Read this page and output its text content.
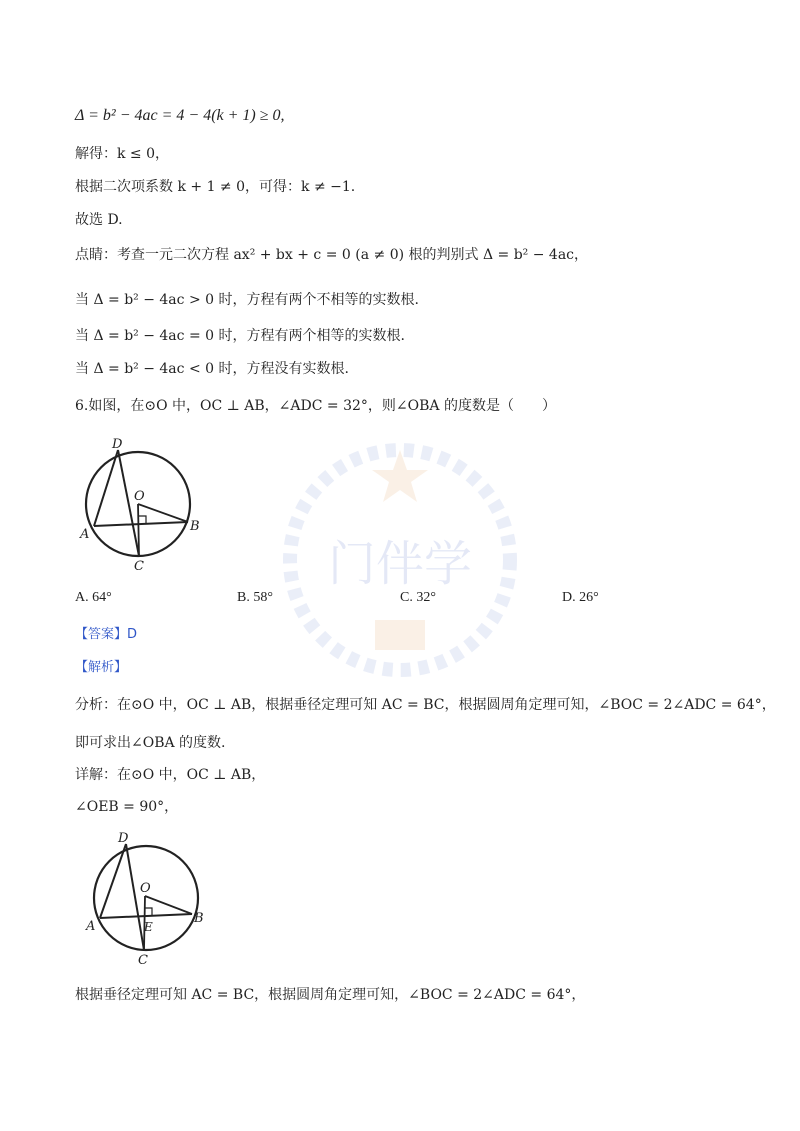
门伴学
Δ = b² − 4ac = 4 − 4(k + 1) ≥ 0,
解得：k ≤ 0，
根据二次项系数 k + 1 ≠ 0，可得：k ≠ −1.
故选 D.
点睛：考查一元二次方程 ax² + bx + c = 0 (a ≠ 0) 根的判别式 Δ = b² − 4ac，
当 Δ = b² − 4ac > 0 时，方程有两个不相等的实数根.
当 Δ = b² − 4ac = 0 时，方程有两个相等的实数根.
当 Δ = b² − 4ac < 0 时，方程没有实数根.
6.如图，在⊙O 中，OC ⊥ AB，∠ADC = 32°，则∠OBA 的度数是（　　）
D
O
A
B
C
A. 64°	B. 58°	C. 32°	D. 26°
【答案】D
【解析】
分析：在⊙O 中，OC ⊥ AB，根据垂径定理可知 AC = BC，根据圆周角定理可知，∠BOC = 2∠ADC = 64°，
即可求出∠OBA 的度数.
详解：在⊙O 中，OC ⊥ AB，
∠OEB = 90°，
D
O
A
B
E
C
根据垂径定理可知 AC = BC，根据圆周角定理可知，∠BOC = 2∠ADC = 64°，
